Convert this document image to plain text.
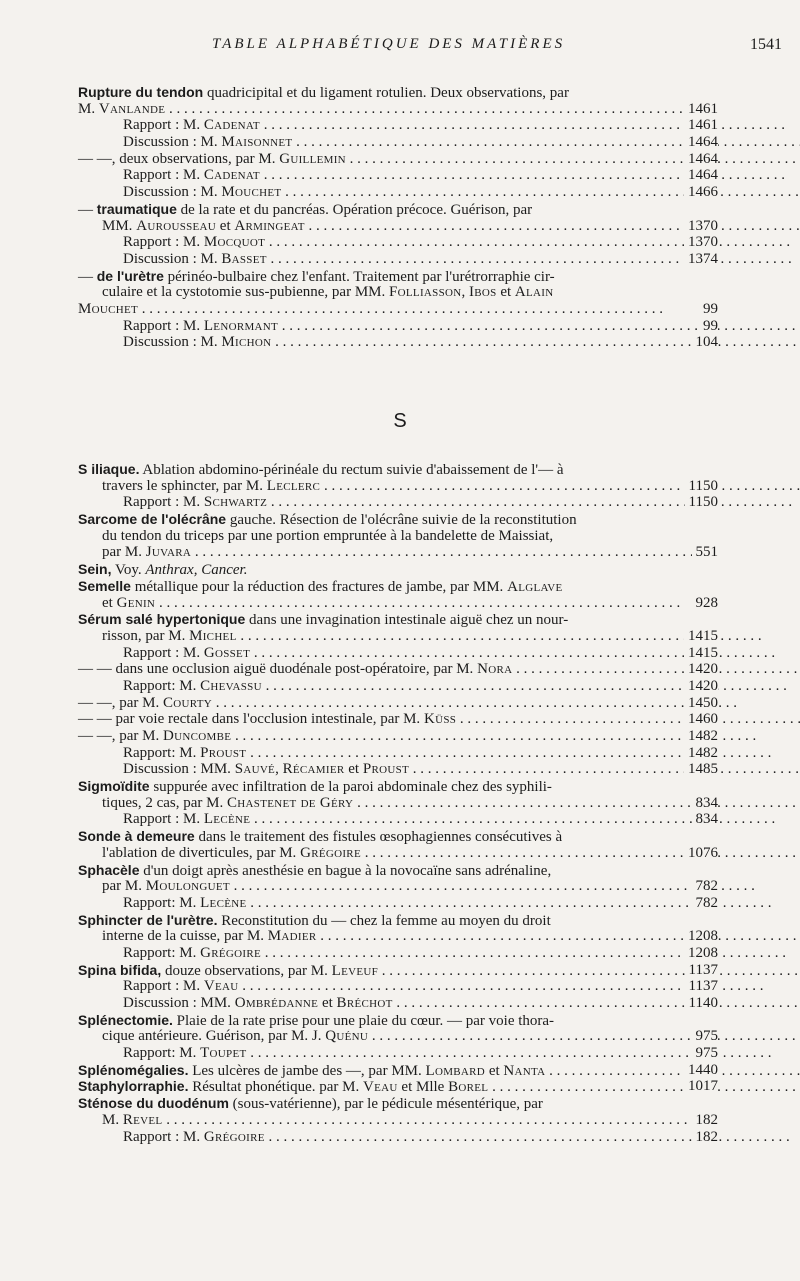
TABLE ALPHABÉTIQUE DES MATIÈRES	1541
Rupture du tendon quadricipital et du ligament rotulien. Deux observations, par
M. Vanlande	1461
. . .
Rapport : M. Cadenat	1461
. . .
Discussion : M. Maisonnet	1464
. . .
— —, deux observations, par M. Guillemin	1464
. . .
Rapport : M. Cadenat	1464
. . .
Discussion : M. Mouchet	1466
. . .
— traumatique de la rate et du pancréas. Opération précoce. Guérison, par
MM. Aurousseau et Armingeat	1370
. . .
Rapport : M. Mocquot	1370
. . .
Discussion : M. Basset	1374
. . .
— de l'urètre périnéo-bulbaire chez l'enfant. Traitement par l'urétrorraphie cir-
culaire et la cystotomie sus-pubienne, par MM. Folliasson, Ibos et Alain
Mouchet	99
. . .
Rapport : M. Lenormant	99
. . .
Discussion : M. Michon	104
. . .
S
S iliaque. Ablation abdomino-périnéale du rectum suivie d'abaissement de l'— à
travers le sphincter, par M. Leclerc	1150
. . .
Rapport : M. Schwartz	1150
. . .
Sarcome de l'olécrâne gauche. Résection de l'olécrâne suivie de la reconstitution
du tendon du triceps par une portion empruntée à la bandelette de Maissiat,
par M. Juvara	551
. . .
Sein, Voy. Anthrax, Cancer.
Semelle métallique pour la réduction des fractures de jambe, par MM. Alglave
et Genin	928
. . .
Sérum salé hypertonique dans une invagination intestinale aiguë chez un nour-
risson, par M. Michel	1415
. . .
Rapport : M. Gosset	1415
. . .
— — dans une occlusion aiguë duodénale post-opératoire, par M. Nora	1420
. . .
Rapport: M. Chevassu	1420
. . .
— —, par M. Courty	1450
. . .
— — par voie rectale dans l'occlusion intestinale, par M. Küss	1460
. . .
— —, par M. Duncombe	1482
. . .
Rapport: M. Proust	1482
. . .
Discussion : MM. Sauvé, Récamier et Proust	1485
. . .
Sigmoïdite suppurée avec infiltration de la paroi abdominale chez des syphili-
tiques, 2 cas, par M. Chastenet de Géry	834
. . .
Rapport : M. Lecène	834
. . .
Sonde à demeure dans le traitement des fistules œsophagiennes consécutives à
l'ablation de diverticules, par M. Grégoire	1076
. . .
Sphacèle d'un doigt après anesthésie en bague à la novocaïne sans adrénaline,
par M. Moulonguet	782
. . .
Rapport: M. Lecène	782
. . .
Sphincter de l'urètre. Reconstitution du — chez la femme au moyen du droit
interne de la cuisse, par M. Madier	1208
. . .
Rapport: M. Grégoire	1208
. . .
Spina bifida, douze observations, par M. Leveuf	1137
. . .
Rapport : M. Veau	1137
. . .
Discussion : MM. Ombrédanne et Bréchot	1140
. . .
Splénectomie. Plaie de la rate prise pour une plaie du cœur. — par voie thora-
cique antérieure. Guérison, par M. J. Quénu	975
. . .
Rapport: M. Toupet	975
. . .
Splénomégalies. Les ulcères de jambe des —, par MM. Lombard et Nanta	1440
. . .
Staphylorraphie. Résultat phonétique. par M. Veau et Mlle Borel	1017
. . .
Sténose du duodénum (sous-vatérienne), par le pédicule mésentérique, par
M. Revel	182
. . .
Rapport : M. Grégoire	182
. . .
